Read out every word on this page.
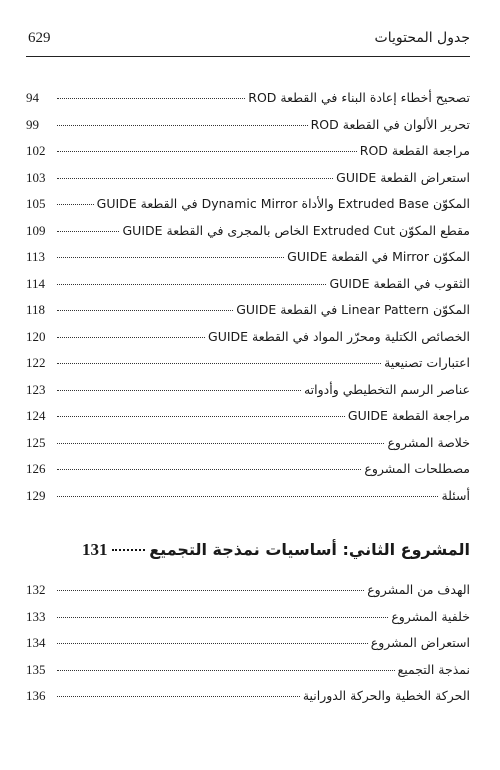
629	جدول المحتويات
تصحيح أخطاء إعادة البناء في القطعة ROD
94
تحرير الألوان في القطعة ROD
99
مراجعة القطعة ROD
102
استعراض القطعة GUIDE
103
المكوّن Extruded Base والأداة Dynamic Mirror في القطعة GUIDE
105
مقطع المكوّن Extruded Cut الخاص بالمجرى في القطعة GUIDE
109
المكوّن Mirror في القطعة GUIDE
113
الثقوب في القطعة GUIDE
114
المكوّن Linear Pattern في القطعة GUIDE
118
الخصائص الكتلية ومحرّر المواد في القطعة GUIDE
120
اعتبارات تصنيعية
122
عناصر الرسم التخطيطي وأدواته
123
مراجعة القطعة GUIDE
124
خلاصة المشروع
125
مصطلحات المشروع
126
أسئلة
129
المشروع الثاني: أساسيات نمذجة التجميع
131
الهدف من المشروع
132
خلفية المشروع
133
استعراض المشروع
134
نمذجة التجميع
135
الحركة الخطية والحركة الدورانية
136
